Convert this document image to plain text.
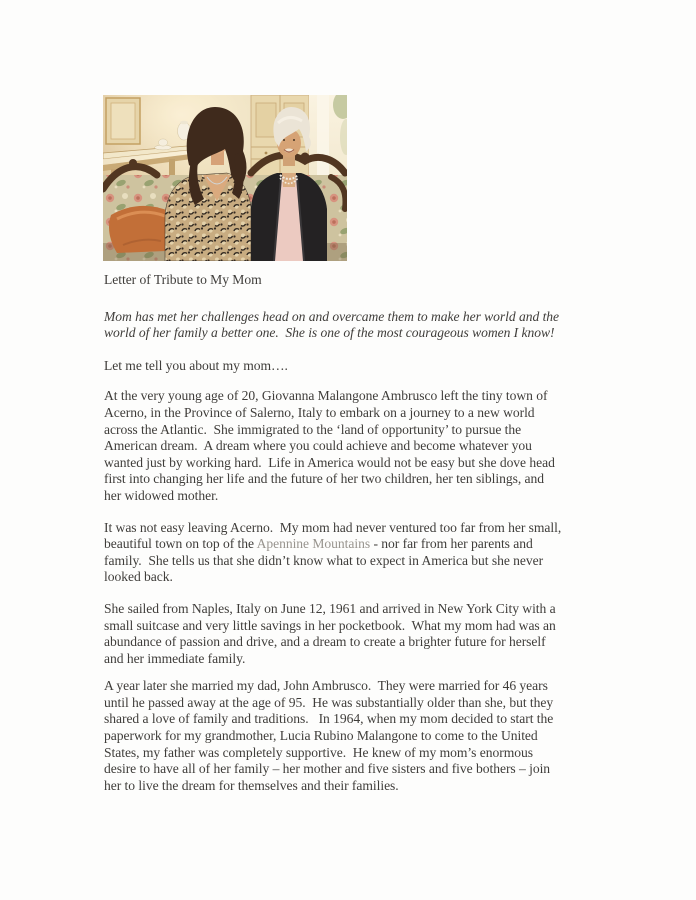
Letter of Tribute to My Mom
Mom has met her challenges head on and overcame them to make her world and the
world of her family a better one.  She is one of the most courageous women I know!
Let me tell you about my mom….
At the very young age of 20, Giovanna Malangone Ambrusco left the tiny town of
Acerno, in the Province of Salerno, Italy to embark on a journey to a new world
across the Atlantic.  She immigrated to the ‘land of opportunity’ to pursue the
American dream.  A dream where you could achieve and become whatever you
wanted just by working hard.  Life in America would not be easy but she dove head
first into changing her life and the future of her two children, her ten siblings, and
her widowed mother.
It was not easy leaving Acerno.  My mom had never ventured too far from her small,
beautiful town on top of the Apennine Mountains - nor far from her parents and
family.  She tells us that she didn’t know what to expect in America but she never
looked back.
She sailed from Naples, Italy on June 12, 1961 and arrived in New York City with a
small suitcase and very little savings in her pocketbook.  What my mom had was an
abundance of passion and drive, and a dream to create a brighter future for herself
and her immediate family.
A year later she married my dad, John Ambrusco.  They were married for 46 years
until he passed away at the age of 95.  He was substantially older than she, but they
shared a love of family and traditions.   In 1964, when my mom decided to start the
paperwork for my grandmother, Lucia Rubino Malangone to come to the United
States, my father was completely supportive.  He knew of my mom’s enormous
desire to have all of her family – her mother and five sisters and five bothers – join
her to live the dream for themselves and their families.
